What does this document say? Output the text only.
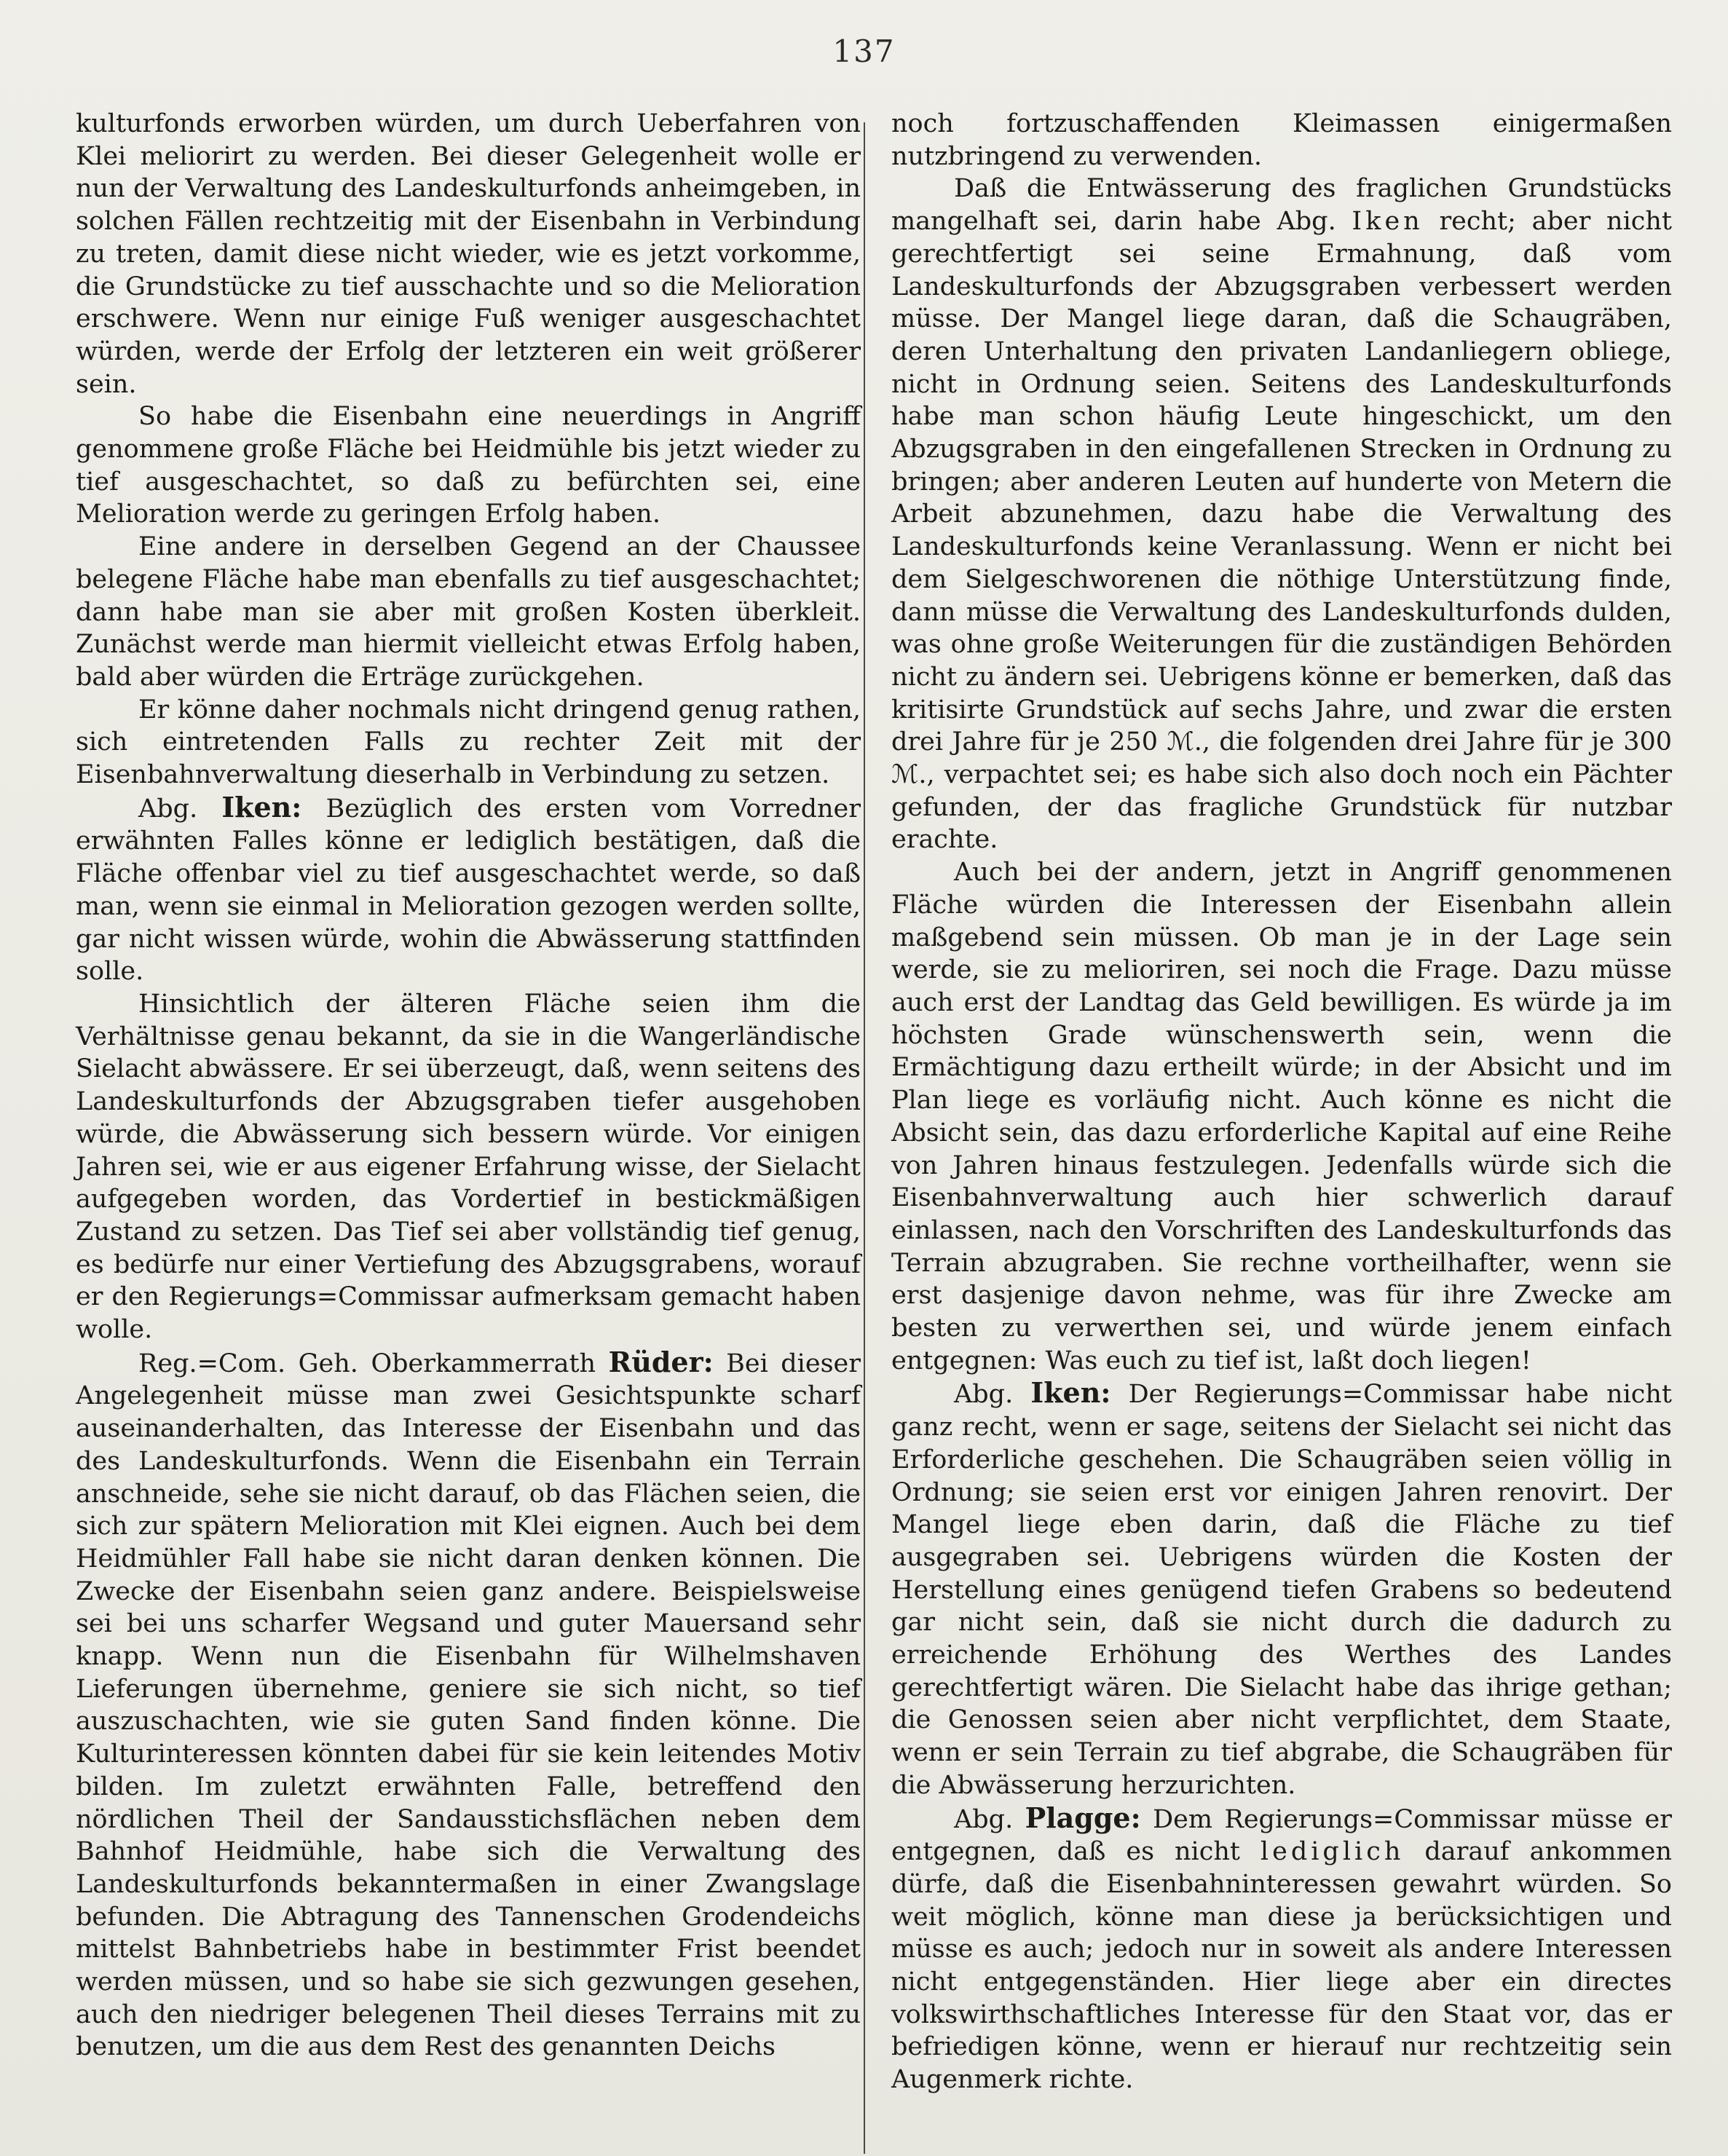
137

kulturfonds erworben würden, um durch Ueberfahren von Klei meliorirt zu werden. Bei dieser Gelegenheit wolle er nun der Verwaltung des Landeskulturfonds anheimgeben, in solchen Fällen rechtzeitig mit der Eisenbahn in Verbindung zu treten, damit diese nicht wieder, wie es jetzt vorkomme, die Grundstücke zu tief ausschachte und so die Melioration erschwere. Wenn nur einige Fuß weniger ausgeschachtet würden, werde der Erfolg der letzteren ein weit größerer sein.

So habe die Eisenbahn eine neuerdings in Angriff genommene große Fläche bei Heidmühle bis jetzt wieder zu tief ausgeschachtet, so daß zu befürchten sei, eine Melioration werde zu geringen Erfolg haben.

Eine andere in derselben Gegend an der Chaussee belegene Fläche habe man ebenfalls zu tief ausgeschachtet; dann habe man sie aber mit großen Kosten überkleit. Zunächst werde man hiermit vielleicht etwas Erfolg haben, bald aber würden die Erträge zurückgehen.

Er könne daher nochmals nicht dringend genug rathen, sich eintretenden Falls zu rechter Zeit mit der Eisenbahnverwaltung dieserhalb in Verbindung zu setzen.

Abg. Iken: Bezüglich des ersten vom Vorredner erwähnten Falles könne er lediglich bestätigen, daß die Fläche offenbar viel zu tief ausgeschachtet werde, so daß man, wenn sie einmal in Melioration gezogen werden sollte, gar nicht wissen würde, wohin die Abwässerung stattfinden solle.

Hinsichtlich der älteren Fläche seien ihm die Verhältnisse genau bekannt, da sie in die Wangerländische Sielacht abwässere. Er sei überzeugt, daß, wenn seitens des Landeskulturfonds der Abzugsgraben tiefer ausgehoben würde, die Abwässerung sich bessern würde. Vor einigen Jahren sei, wie er aus eigener Erfahrung wisse, der Sielacht aufgegeben worden, das Vordertief in bestickmäßigen Zustand zu setzen. Das Tief sei aber vollständig tief genug, es bedürfe nur einer Vertiefung des Abzugsgrabens, worauf er den Regierungs=Commissar aufmerksam gemacht haben wolle.

Reg.=Com. Geh. Oberkammerrath Rüder: Bei dieser Angelegenheit müsse man zwei Gesichtspunkte scharf auseinanderhalten, das Interesse der Eisenbahn und das des Landeskulturfonds. Wenn die Eisenbahn ein Terrain anschneide, sehe sie nicht darauf, ob das Flächen seien, die sich zur spätern Melioration mit Klei eignen. Auch bei dem Heidmühler Fall habe sie nicht daran denken können. Die Zwecke der Eisenbahn seien ganz andere. Beispielsweise sei bei uns scharfer Wegsand und guter Mauersand sehr knapp. Wenn nun die Eisenbahn für Wilhelmshaven Lieferungen übernehme, geniere sie sich nicht, so tief auszuschachten, wie sie guten Sand finden könne. Die Kulturinteressen könnten dabei für sie kein leitendes Motiv bilden. Im zuletzt erwähnten Falle, betreffend den nördlichen Theil der Sandausstichsflächen neben dem Bahnhof Heidmühle, habe sich die Verwaltung des Landeskulturfonds bekanntermaßen in einer Zwangslage befunden. Die Abtragung des Tannenschen Grodendeichs mittelst Bahnbetriebs habe in bestimmter Frist beendet werden müssen, und so habe sie sich gezwungen gesehen, auch den niedriger belegenen Theil dieses Terrains mit zu benutzen, um die aus dem Rest des genannten Deichs

noch fortzuschaffenden Kleimassen einigermaßen nutzbringend zu verwenden.

Daß die Entwässerung des fraglichen Grundstücks mangelhaft sei, darin habe Abg. Iken recht; aber nicht gerechtfertigt sei seine Ermahnung, daß vom Landeskulturfonds der Abzugsgraben verbessert werden müsse. Der Mangel liege daran, daß die Schaugräben, deren Unterhaltung den privaten Landanliegern obliege, nicht in Ordnung seien. Seitens des Landeskulturfonds habe man schon häufig Leute hingeschickt, um den Abzugsgraben in den eingefallenen Strecken in Ordnung zu bringen; aber anderen Leuten auf hunderte von Metern die Arbeit abzunehmen, dazu habe die Verwaltung des Landeskulturfonds keine Veranlassung. Wenn er nicht bei dem Sielgeschworenen die nöthige Unterstützung finde, dann müsse die Verwaltung des Landeskulturfonds dulden, was ohne große Weiterungen für die zuständigen Behörden nicht zu ändern sei. Uebrigens könne er bemerken, daß das kritisirte Grundstück auf sechs Jahre, und zwar die ersten drei Jahre für je 250 ℳ., die folgenden drei Jahre für je 300 ℳ., verpachtet sei; es habe sich also doch noch ein Pächter gefunden, der das fragliche Grundstück für nutzbar erachte.

Auch bei der andern, jetzt in Angriff genommenen Fläche würden die Interessen der Eisenbahn allein maßgebend sein müssen. Ob man je in der Lage sein werde, sie zu melioriren, sei noch die Frage. Dazu müsse auch erst der Landtag das Geld bewilligen. Es würde ja im höchsten Grade wünschenswerth sein, wenn die Ermächtigung dazu ertheilt würde; in der Absicht und im Plan liege es vorläufig nicht. Auch könne es nicht die Absicht sein, das dazu erforderliche Kapital auf eine Reihe von Jahren hinaus festzulegen. Jedenfalls würde sich die Eisenbahnverwaltung auch hier schwerlich darauf einlassen, nach den Vorschriften des Landeskulturfonds das Terrain abzugraben. Sie rechne vortheilhafter, wenn sie erst dasjenige davon nehme, was für ihre Zwecke am besten zu verwerthen sei, und würde jenem einfach entgegnen: Was euch zu tief ist, laßt doch liegen!

Abg. Iken: Der Regierungs=Commissar habe nicht ganz recht, wenn er sage, seitens der Sielacht sei nicht das Erforderliche geschehen. Die Schaugräben seien völlig in Ordnung; sie seien erst vor einigen Jahren renovirt. Der Mangel liege eben darin, daß die Fläche zu tief ausgegraben sei. Uebrigens würden die Kosten der Herstellung eines genügend tiefen Grabens so bedeutend gar nicht sein, daß sie nicht durch die dadurch zu erreichende Erhöhung des Werthes des Landes gerechtfertigt wären. Die Sielacht habe das ihrige gethan; die Genossen seien aber nicht verpflichtet, dem Staate, wenn er sein Terrain zu tief abgrabe, die Schaugräben für die Abwässerung herzurichten.

Abg. Plagge: Dem Regierungs=Commissar müsse er entgegnen, daß es nicht lediglich darauf ankommen dürfe, daß die Eisenbahninteressen gewahrt würden. So weit möglich, könne man diese ja berücksichtigen und müsse es auch; jedoch nur in soweit als andere Interessen nicht entgegenständen. Hier liege aber ein directes volkswirthschaftliches Interesse für den Staat vor, das er befriedigen könne, wenn er hierauf nur rechtzeitig sein Augenmerk richte.
